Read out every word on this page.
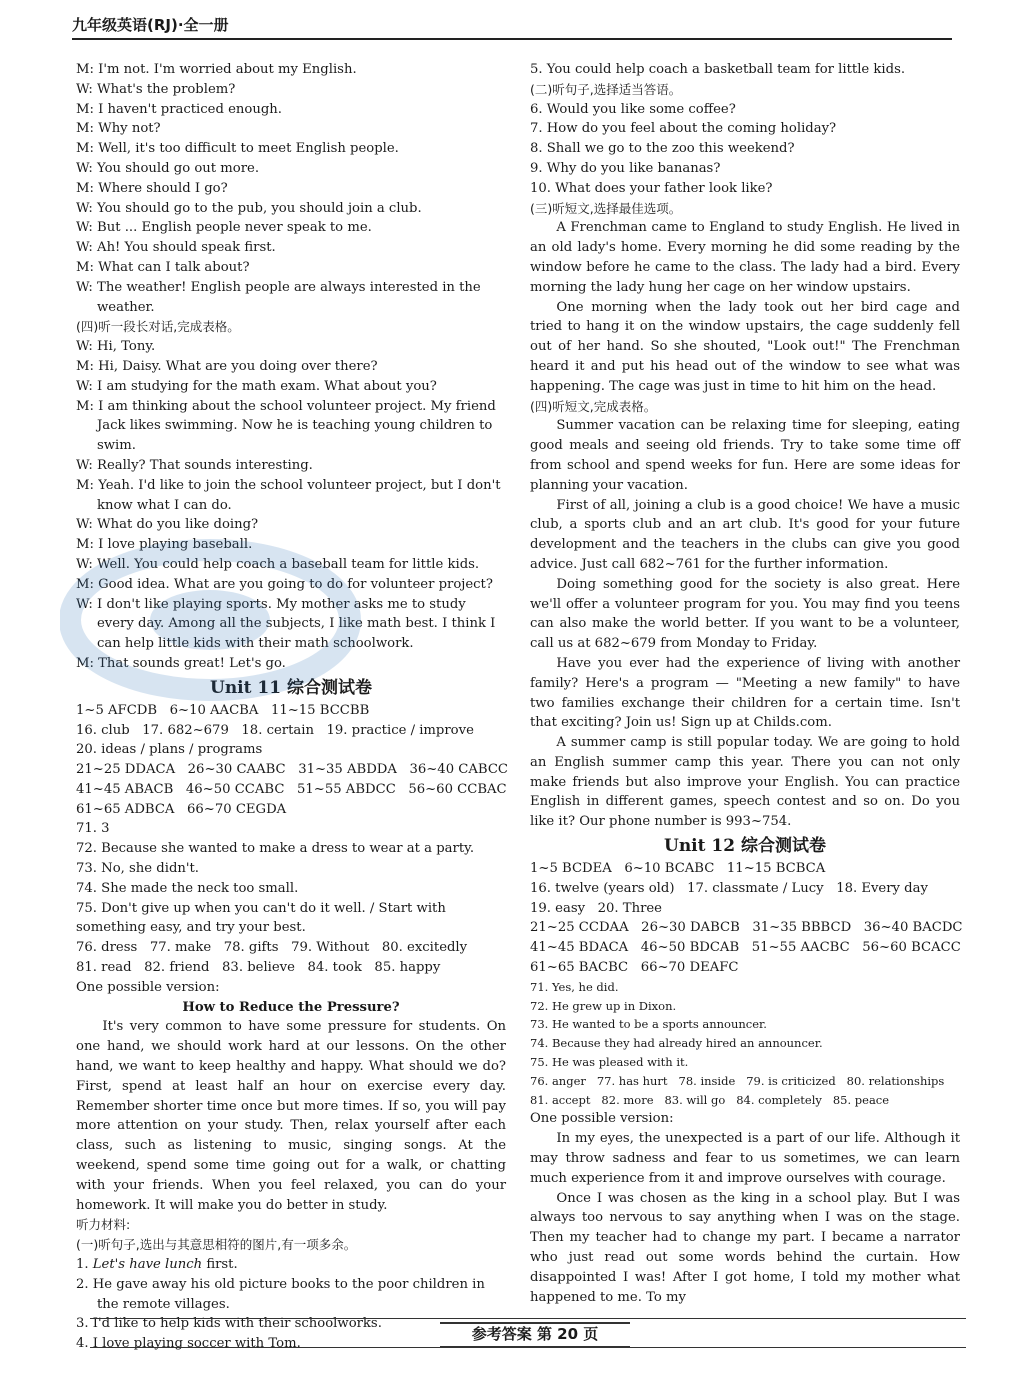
九年级英语(RJ)·全一册

M: I'm not. I'm worried about my English.

W: What's the problem?

M: I haven't practiced enough.

M: Why not?

M: Well, it's too difficult to meet English people.

W: You should go out more.

M: Where should I go?

W: You should go to the pub, you should join a club.

W: But ... English people never speak to me.

W: Ah! You should speak first.

M: What can I talk about?

W: The weather! English people are always interested in the weather.

(四)听一段长对话,完成表格。

W: Hi, Tony.

M: Hi, Daisy. What are you doing over there?

W: I am studying for the math exam. What about you?

M: I am thinking about the school volunteer project. My friend Jack likes swimming. Now he is teaching young children to swim.

W: Really? That sounds interesting.

M: Yeah. I'd like to join the school volunteer project, but I don't know what I can do.

W: What do you like doing?

M: I love playing baseball.

W: Well. You could help coach a baseball team for little kids.

M: Good idea. What are you going to do for volunteer project?

W: I don't like playing sports. My mother asks me to study every day. Among all the subjects, I like math best. I think I can help little kids with their math schoolwork.

M: That sounds great! Let's go.

Unit 11 综合测试卷

1~5 AFCDB   6~10 AACBA   11~15 BCCBB

16. club   17. 682~679   18. certain   19. practice / improve

20. ideas / plans / programs

21~25 DDACA   26~30 CAABC   31~35 ABDDA   36~40 CABCC

41~45 ABACB   46~50 CCABC   51~55 ABDCC   56~60 CCBAC

61~65 ADBCA   66~70 CEGDA

71. 3

72. Because she wanted to make a dress to wear at a party.

73. No, she didn't.

74. She made the neck too small.

75. Don't give up when you can't do it well. / Start with something easy, and try your best.

76. dress   77. make   78. gifts   79. Without   80. excitedly

81. read   82. friend   83. believe   84. took   85. happy

One possible version:

How to Reduce the Pressure?

It's very common to have some pressure for students. On one hand, we should work hard at our lessons. On the other hand, we want to keep healthy and happy. What should we do? First, spend at least half an hour on exercise every day. Remember shorter time once but more times. If so, you will pay more attention on your study. Then, relax yourself after each class, such as listening to music, singing songs. At the weekend, spend some time going out for a walk, or chatting with your friends. When you feel relaxed, you can do your homework. It will make you do better in study.

听力材料:

(一)听句子,选出与其意思相符的图片,有一项多余。

1. Let's have lunch first.

2. He gave away his old picture books to the poor children in the remote villages.

3. I'd like to help kids with their schoolworks.

4. I love playing soccer with Tom.

5. You could help coach a basketball team for little kids.

(二)听句子,选择适当答语。

6. Would you like some coffee?

7. How do you feel about the coming holiday?

8. Shall we go to the zoo this weekend?

9. Why do you like bananas?

10. What does your father look like?

(三)听短文,选择最佳选项。

A Frenchman came to England to study English. He lived in an old lady's home. Every morning he did some reading by the window before he came to the class. The lady had a bird. Every morning the lady hung her cage on her window upstairs.

One morning when the lady took out her bird cage and tried to hang it on the window upstairs, the cage suddenly fell out of her hand. So she shouted, "Look out!" The Frenchman heard it and put his head out of the window to see what was happening. The cage was just in time to hit him on the head.

(四)听短文,完成表格。

Summer vacation can be relaxing time for sleeping, eating good meals and seeing old friends. Try to take some time off from school and spend weeks for fun. Here are some ideas for planning your vacation.

First of all, joining a club is a good choice! We have a music club, a sports club and an art club. It's good for your future development and the teachers in the clubs can give you good advice. Just call 682~761 for the further information.

Doing something good for the society is also great. Here we'll offer a volunteer program for you. You may find you teens can also make the world better. If you want to be a volunteer, call us at 682~679 from Monday to Friday.

Have you ever had the experience of living with another family? Here's a program — "Meeting a new family" to have two families exchange their children for a certain time. Isn't that exciting? Join us! Sign up at Childs.com.

A summer camp is still popular today. We are going to hold an English summer camp this year. There you can not only make friends but also improve your English. You can practice English in different games, speech contest and so on. Do you like it? Our phone number is 993~754.

Unit 12 综合测试卷

1~5 BCDEA   6~10 BCABC   11~15 BCBCA

16. twelve (years old)   17. classmate / Lucy   18. Every day

19. easy   20. Three

21~25 CCDAA   26~30 DABCB   31~35 BBBCD   36~40 BACDC

41~45 BDACA   46~50 BDCAB   51~55 AACBC   56~60 BCACC

61~65 BACBC   66~70 DEAFC

71. Yes, he did.

72. He grew up in Dixon.

73. He wanted to be a sports announcer.

74. Because they had already hired an announcer.

75. He was pleased with it.

76. anger   77. has hurt   78. inside   79. is criticized   80. relationships

81. accept   82. more   83. will go   84. completely   85. peace

One possible version:

In my eyes, the unexpected is a part of our life. Although it may throw sadness and fear to us sometimes, we can learn much experience from it and improve ourselves with courage.

Once I was chosen as the king in a school play. But I was always too nervous to say anything when I was on the stage. Then my teacher had to change my part. I became a narrator who just read out some words behind the curtain. How disappointed I was! After I got home, I told my mother what happened to me. To my

参考答案 第 20 页
